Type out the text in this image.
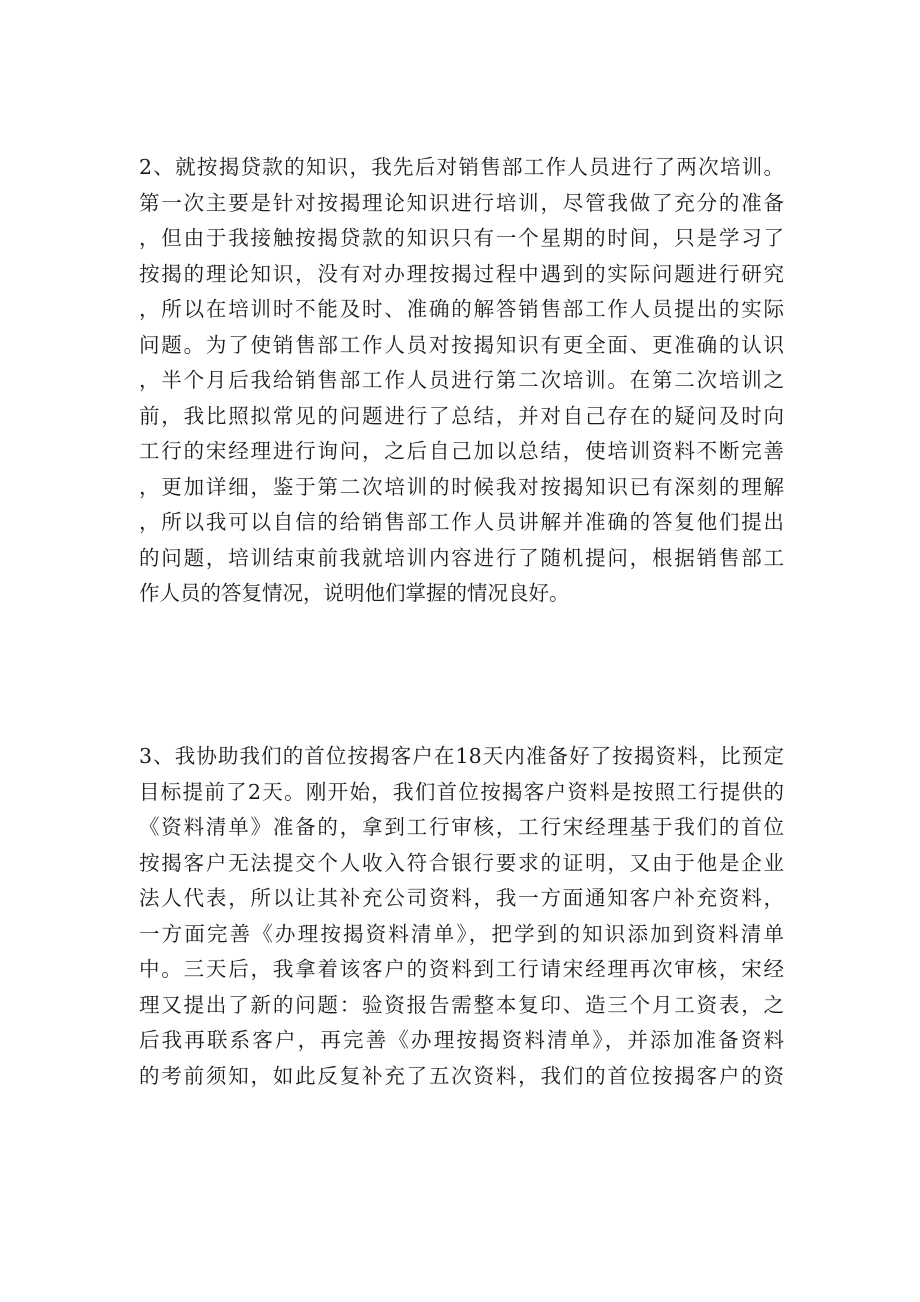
2、就按揭贷款的知识，我先后对销售部工作人员进行了两次培训。
第一次主要是针对按揭理论知识进行培训，尽管我做了充分的准备
，但由于我接触按揭贷款的知识只有一个星期的时间，只是学习了
按揭的理论知识，没有对办理按揭过程中遇到的实际问题进行研究
，所以在培训时不能及时、准确的解答销售部工作人员提出的实际
问题。为了使销售部工作人员对按揭知识有更全面、更准确的认识
，半个月后我给销售部工作人员进行第二次培训。在第二次培训之
前，我比照拟常见的问题进行了总结，并对自己存在的疑问及时向
工行的宋经理进行询问，之后自己加以总结，使培训资料不断完善
，更加详细，鉴于第二次培训的时候我对按揭知识已有深刻的理解
，所以我可以自信的给销售部工作人员讲解并准确的答复他们提出
的问题，培训结束前我就培训内容进行了随机提问，根据销售部工
作人员的答复情况，说明他们掌握的情况良好。
3、我协助我们的首位按揭客户在18天内准备好了按揭资料，比预定
目标提前了2天。刚开始，我们首位按揭客户资料是按照工行提供的
《资料清单》准备的，拿到工行审核，工行宋经理基于我们的首位
按揭客户无法提交个人收入符合银行要求的证明，又由于他是企业
法人代表，所以让其补充公司资料，我一方面通知客户补充资料，
一方面完善《办理按揭资料清单》，把学到的知识添加到资料清单
中。三天后，我拿着该客户的资料到工行请宋经理再次审核，宋经
理又提出了新的问题：验资报告需整本复印、造三个月工资表，之
后我再联系客户，再完善《办理按揭资料清单》，并添加准备资料
的考前须知，如此反复补充了五次资料，我们的首位按揭客户的资
